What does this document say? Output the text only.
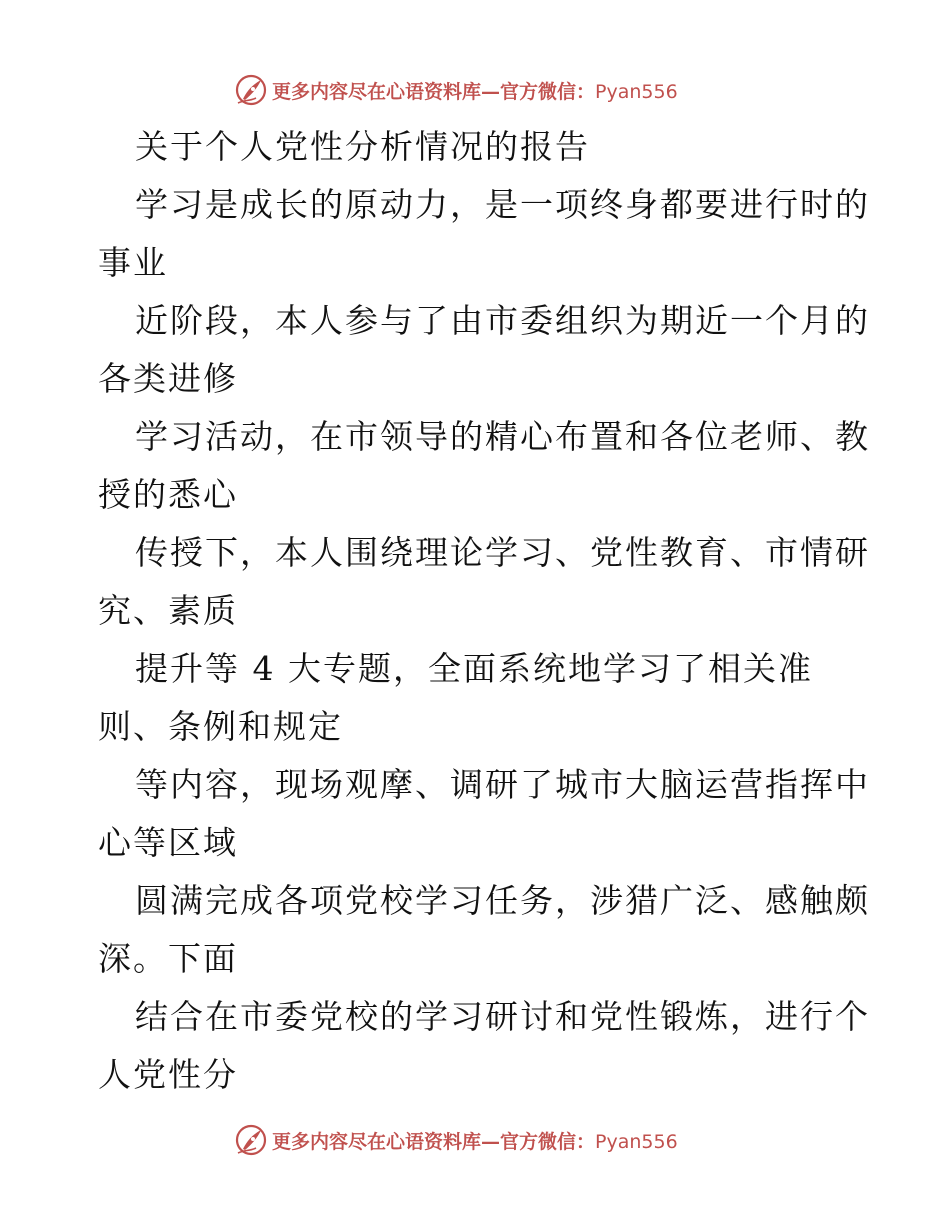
更多内容尽在心语资料库—官方微信：Pyan556
关于个人党性分析情况的报告
学习是成长的原动力，是一项终身都要进行时的
事业
近阶段，本人参与了由市委组织为期近一个月的
各类进修
学习活动，在市领导的精心布置和各位老师、教
授的悉心
传授下，本人围绕理论学习、党性教育、市情研
究、素质
提升等 4 大专题，全面系统地学习了相关准
则、条例和规定
等内容，现场观摩、调研了城市大脑运营指挥中
心等区域
圆满完成各项党校学习任务，涉猎广泛、感触颇
深。下面
结合在市委党校的学习研讨和党性锻炼，进行个
人党性分
更多内容尽在心语资料库—官方微信：Pyan556
